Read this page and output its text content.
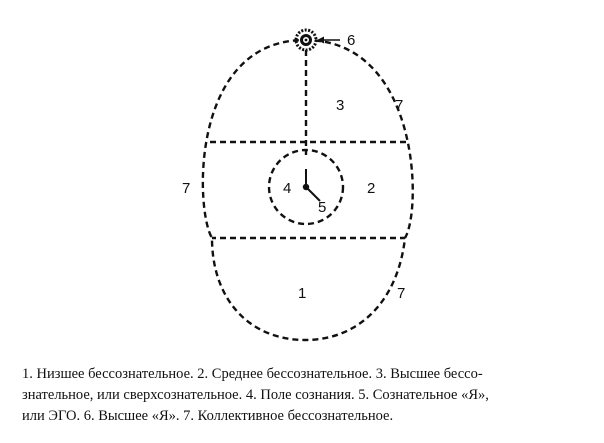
6
3	7
7	4
5
2
1	7

1. Низшее бессознательное. 2. Среднее бессознательное. 3. Высшее бессо-
знательное, или сверхсознательное. 4. Поле сознания. 5. Сознательное «Я»,
или ЭГО. 6. Высшее «Я». 7. Коллективное бессознательное.
